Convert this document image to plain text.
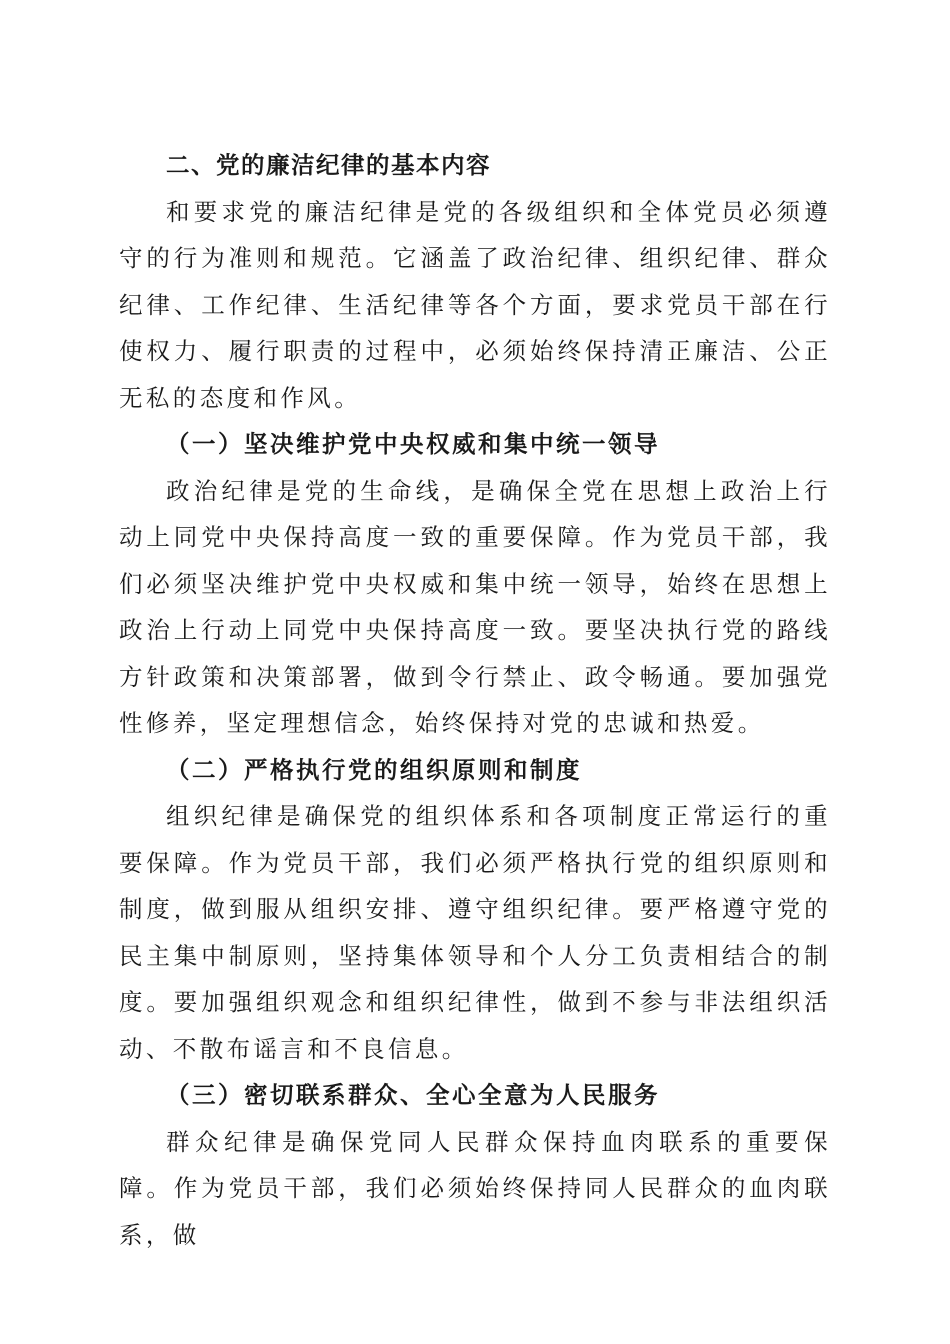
二、党的廉洁纪律的基本内容

和要求党的廉洁纪律是党的各级组织和全体党员必须遵守的行为准则和规范。它涵盖了政治纪律、组织纪律、群众纪律、工作纪律、生活纪律等各个方面，要求党员干部在行使权力、履行职责的过程中，必须始终保持清正廉洁、公正无私的态度和作风。

（一）坚决维护党中央权威和集中统一领导

政治纪律是党的生命线，是确保全党在思想上政治上行动上同党中央保持高度一致的重要保障。作为党员干部，我们必须坚决维护党中央权威和集中统一领导，始终在思想上政治上行动上同党中央保持高度一致。要坚决执行党的路线方针政策和决策部署，做到令行禁止、政令畅通。要加强党性修养，坚定理想信念，始终保持对党的忠诚和热爱。

（二）严格执行党的组织原则和制度

组织纪律是确保党的组织体系和各项制度正常运行的重要保障。作为党员干部，我们必须严格执行党的组织原则和制度，做到服从组织安排、遵守组织纪律。要严格遵守党的民主集中制原则，坚持集体领导和个人分工负责相结合的制度。要加强组织观念和组织纪律性，做到不参与非法组织活动、不散布谣言和不良信息。

（三）密切联系群众、全心全意为人民服务

群众纪律是确保党同人民群众保持血肉联系的重要保障。作为党员干部，我们必须始终保持同人民群众的血肉联系，做
